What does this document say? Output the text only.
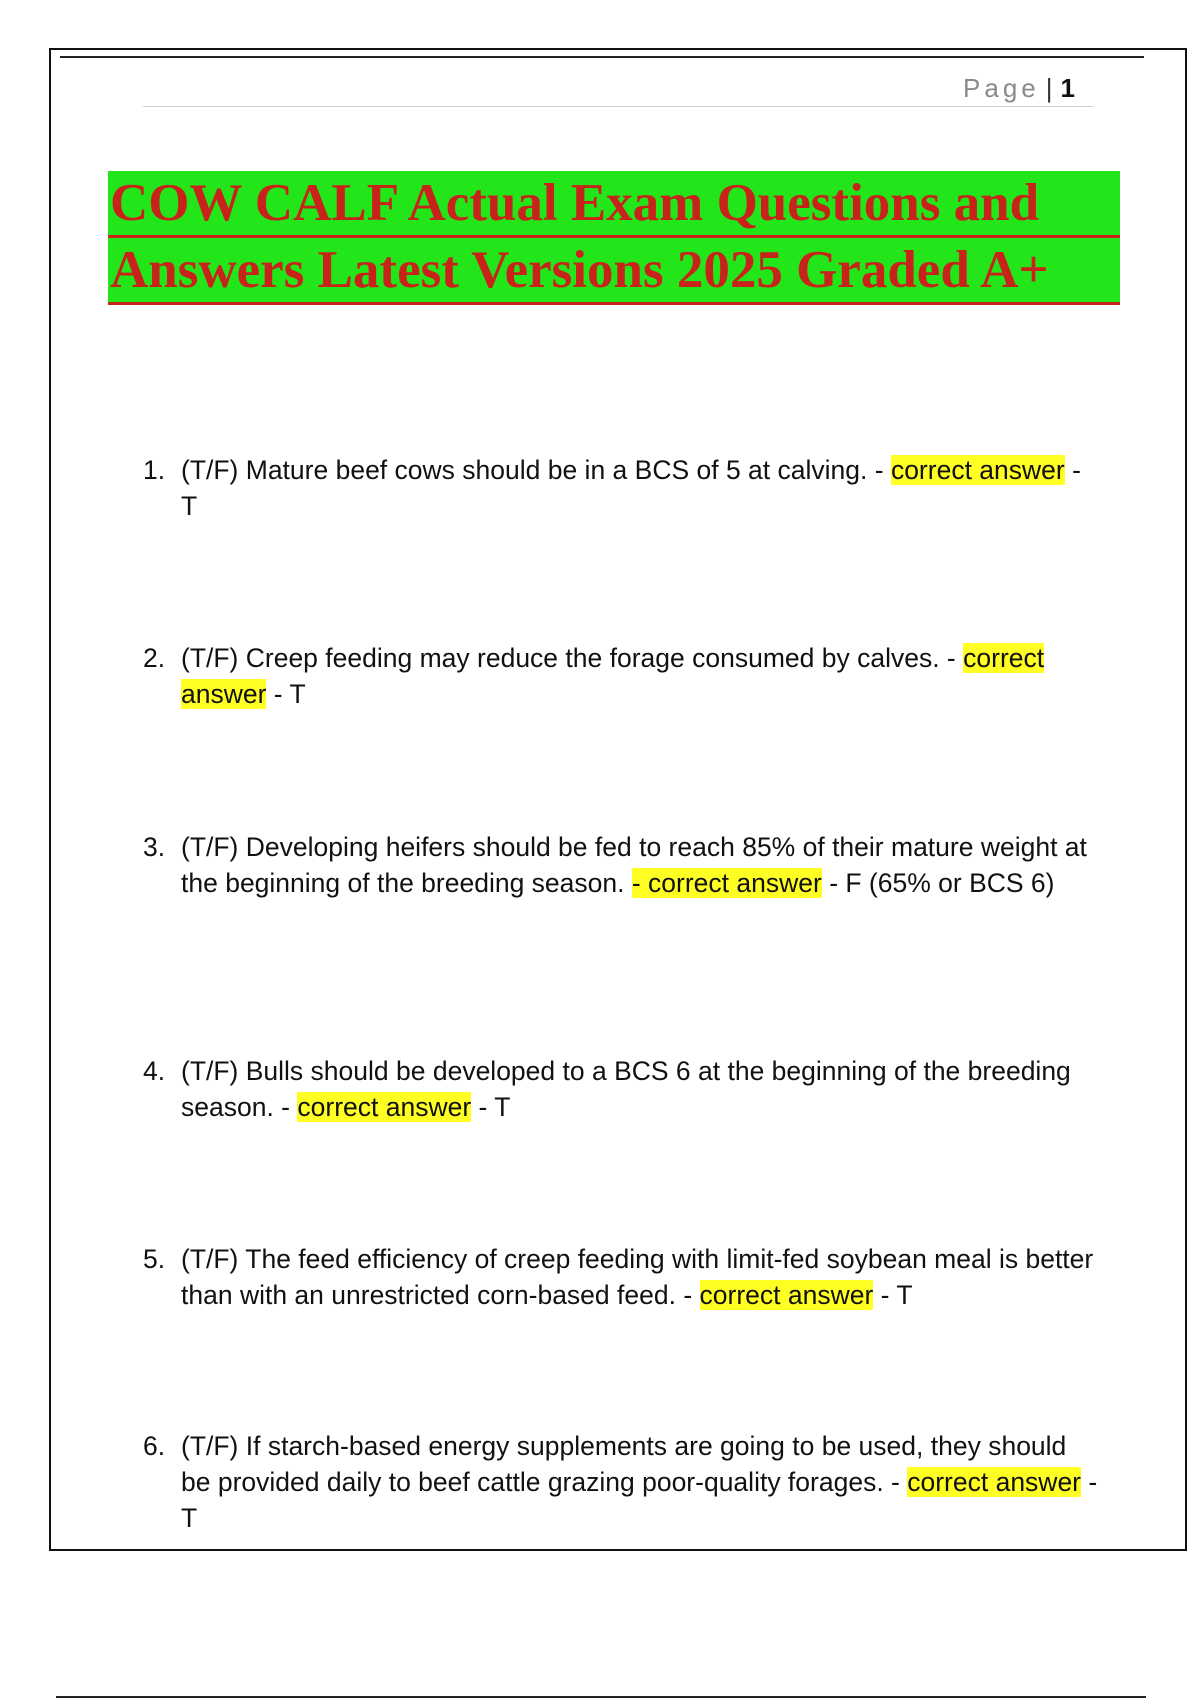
Page | 1
COW CALF Actual Exam Questions and
Answers Latest Versions 2025 Graded A+
1. (T/F) Mature beef cows should be in a BCS of 5 at calving. - correct answer - T
2. (T/F) Creep feeding may reduce the forage consumed by calves. - correct answer - T
3. (T/F) Developing heifers should be fed to reach 85% of their mature weight at the beginning of the breeding season. - correct answer - F (65% or BCS 6)
4. (T/F) Bulls should be developed to a BCS 6 at the beginning of the breeding season. - correct answer - T
5. (T/F) The feed efficiency of creep feeding with limit-fed soybean meal is better than with an unrestricted corn-based feed. - correct answer - T
6. (T/F) If starch-based energy supplements are going to be used, they should be provided daily to beef cattle grazing poor-quality forages. - correct answer - T
